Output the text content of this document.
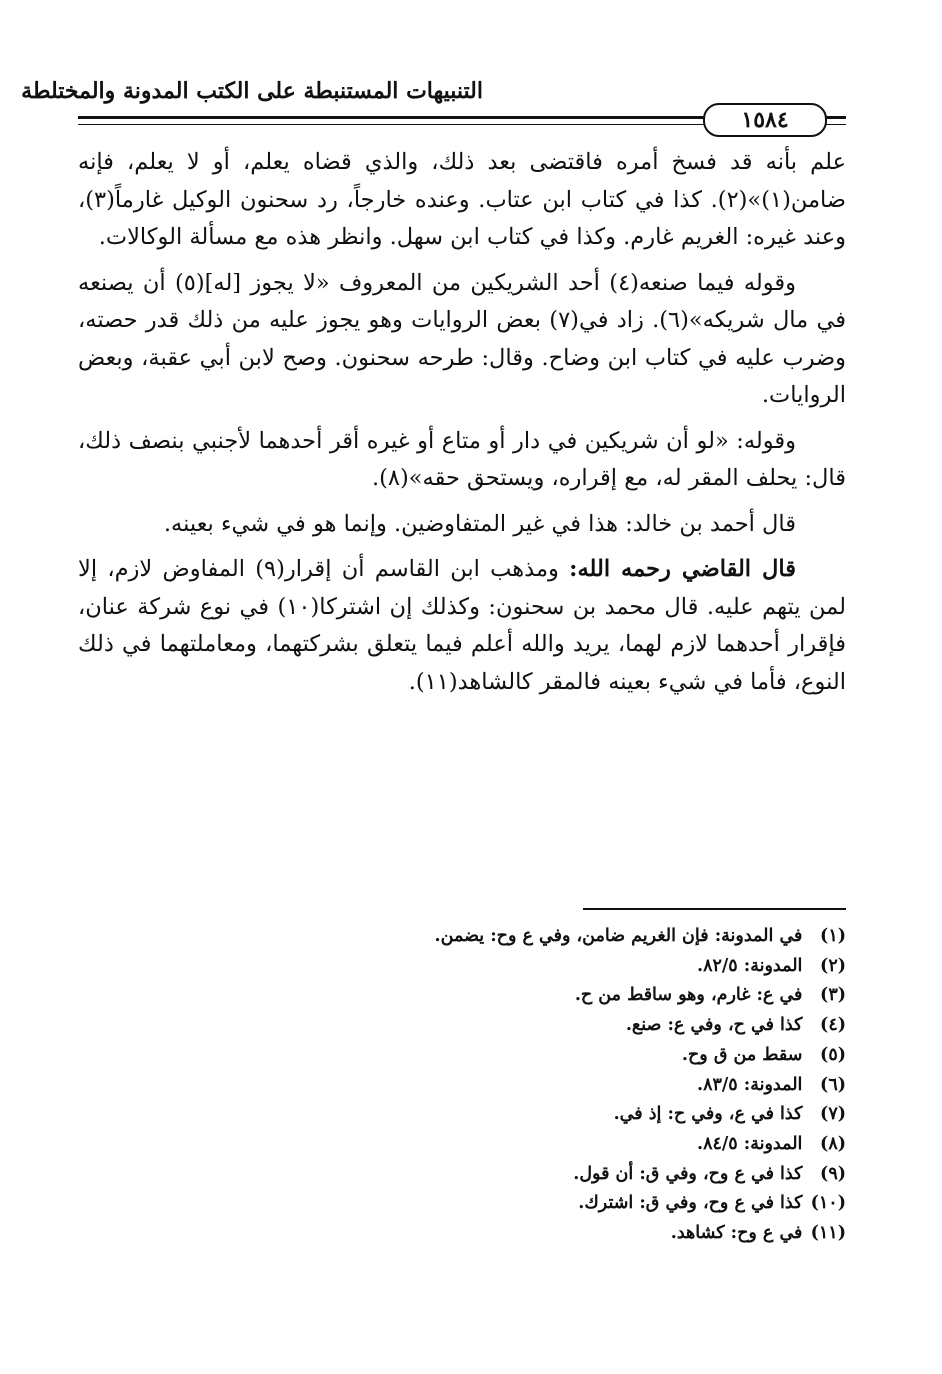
التنبيهات المستنبطة على الكتب المدونة والمختلطة
١٥٨٤

علم بأنه قد فسخ أمره فاقتضى بعد ذلك، والذي قضاه يعلم، أو لا يعلم، فإنه ضامن(١)»(٢). كذا في كتاب ابن عتاب. وعنده خارجاً، رد سحنون الوكيل غارماً(٣)، وعند غيره: الغريم غارم. وكذا في كتاب ابن سهل. وانظر هذه مع مسألة الوكالات.

وقوله فيما صنعه(٤) أحد الشريكين من المعروف «لا يجوز [له](٥) أن يصنعه في مال شريكه»(٦). زاد في(٧) بعض الروايات وهو يجوز عليه من ذلك قدر حصته، وضرب عليه في كتاب ابن وضاح. وقال: طرحه سحنون. وصح لابن أبي عقبة، وبعض الروايات.

وقوله: «لو أن شريكين في دار أو متاع أو غيره أقر أحدهما لأجنبي بنصف ذلك، قال: يحلف المقر له، مع إقراره، ويستحق حقه»(٨).

قال أحمد بن خالد: هذا في غير المتفاوضين. وإنما هو في شيء بعينه.

قال القاضي رحمه الله: ومذهب ابن القاسم أن إقرار(٩) المفاوض لازم، إلا لمن يتهم عليه. قال محمد بن سحنون: وكذلك إن اشتركا(١٠) في نوع شركة عنان، فإقرار أحدهما لازم لهما، يريد والله أعلم فيما يتعلق بشركتهما، ومعاملتهما في ذلك النوع، فأما في شيء بعينه فالمقر كالشاهد(١١).

(١) في المدونة: فإن الغريم ضامن، وفي ع وح: يضمن.
(٢) المدونة: ٨٢/٥.
(٣) في ع: غارم، وهو ساقط من ح.
(٤) كذا في ح، وفي ع: صنع.
(٥) سقط من ق وح.
(٦) المدونة: ٨٣/٥.
(٧) كذا في ع، وفي ح: إذ في.
(٨) المدونة: ٨٤/٥.
(٩) كذا في ع وح، وفي ق: أن قول.
(١٠) كذا في ع وح، وفي ق: اشترك.
(١١) في ع وح: كشاهد.
